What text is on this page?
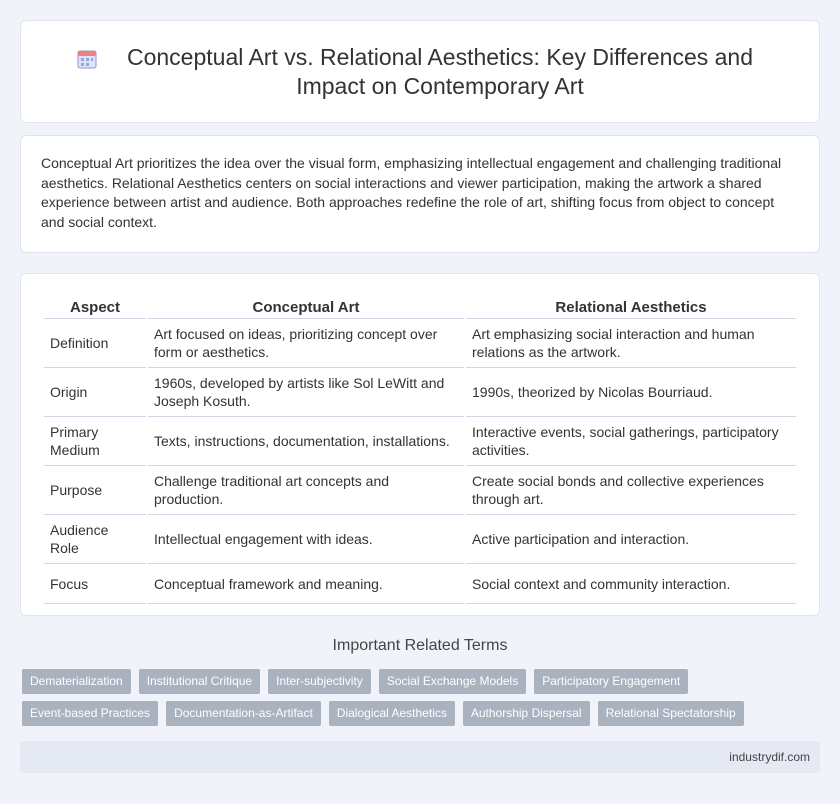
Conceptual Art vs. Relational Aesthetics: Key Differences and Impact on Contemporary Art

Conceptual Art prioritizes the idea over the visual form, emphasizing intellectual engagement and challenging traditional aesthetics. Relational Aesthetics centers on social interactions and viewer participation, making the artwork a shared experience between artist and audience. Both approaches redefine the role of art, shifting focus from object to concept and social context.

Aspect	Conceptual Art	Relational Aesthetics
Definition	Art focused on ideas, prioritizing concept over form or aesthetics.	Art emphasizing social interaction and human relations as the artwork.
Origin	1960s, developed by artists like Sol LeWitt and Joseph Kosuth.	1990s, theorized by Nicolas Bourriaud.
Primary Medium	Texts, instructions, documentation, installations.	Interactive events, social gatherings, participatory activities.
Purpose	Challenge traditional art concepts and production.	Create social bonds and collective experiences through art.
Audience Role	Intellectual engagement with ideas.	Active participation and interaction.
Focus	Conceptual framework and meaning.	Social context and community interaction.
Important Related Terms
Dematerialization	Institutional Critique	Inter-subjectivity	Social Exchange Models	Participatory Engagement
Event-based Practices	Documentation-as-Artifact	Dialogical Aesthetics	Authorship Dispersal	Relational Spectatorship
industrydif.com
